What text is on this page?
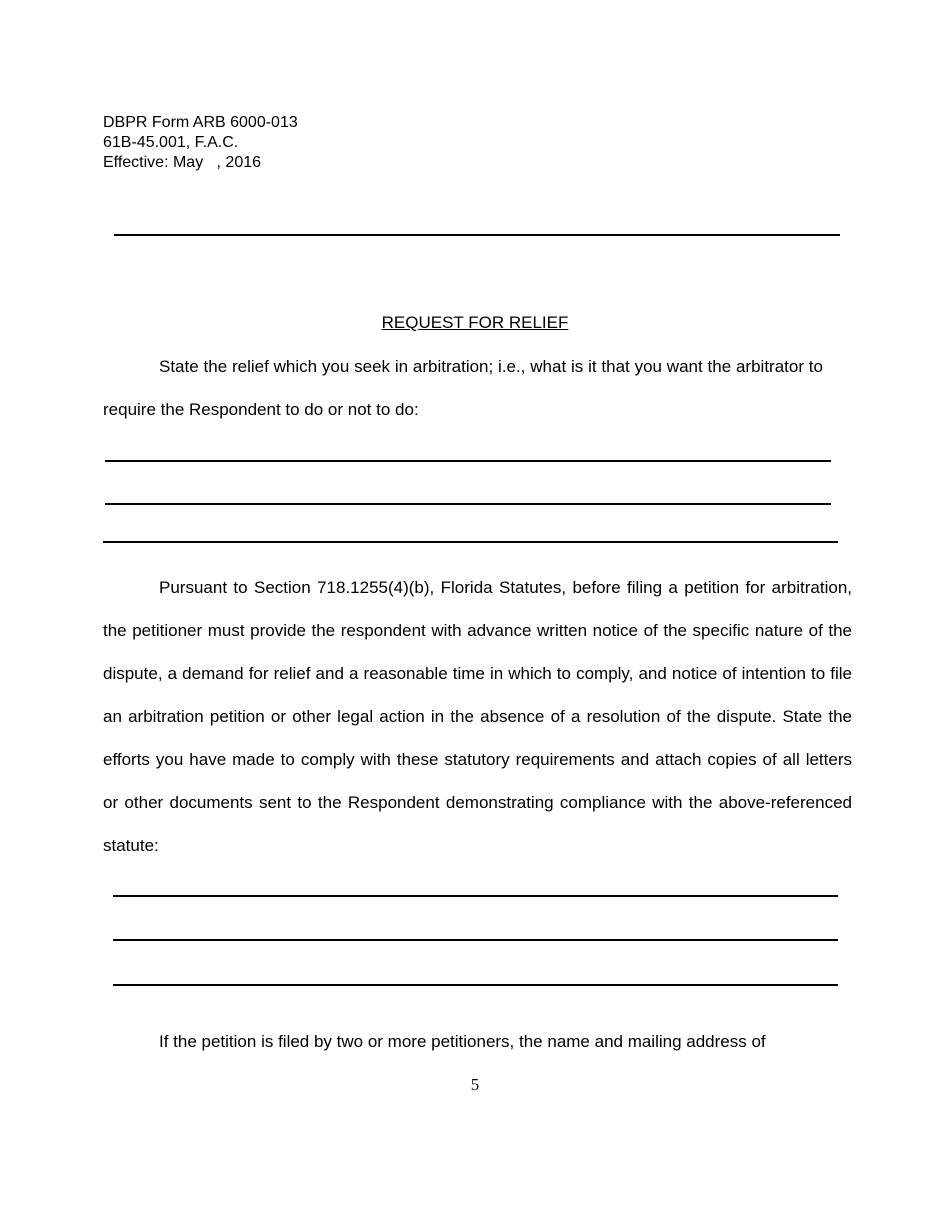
DBPR Form ARB 6000-013
61B-45.001, F.A.C.
Effective: May   , 2016
REQUEST FOR RELIEF
State the relief which you seek in arbitration; i.e., what is it that you want the arbitrator to require the Respondent to do or not to do:
Pursuant to Section 718.1255(4)(b), Florida Statutes, before filing a petition for arbitration, the petitioner must provide the respondent with advance written notice of the specific nature of the dispute, a demand for relief and a reasonable time in which to comply, and notice of intention to file an arbitration petition or other legal action in the absence of a resolution of the dispute. State the efforts you have made to comply with these statutory requirements and attach copies of all letters or other documents sent to the Respondent demonstrating compliance with the above-referenced statute:
If the petition is filed by two or more petitioners, the name and mailing address of
5
